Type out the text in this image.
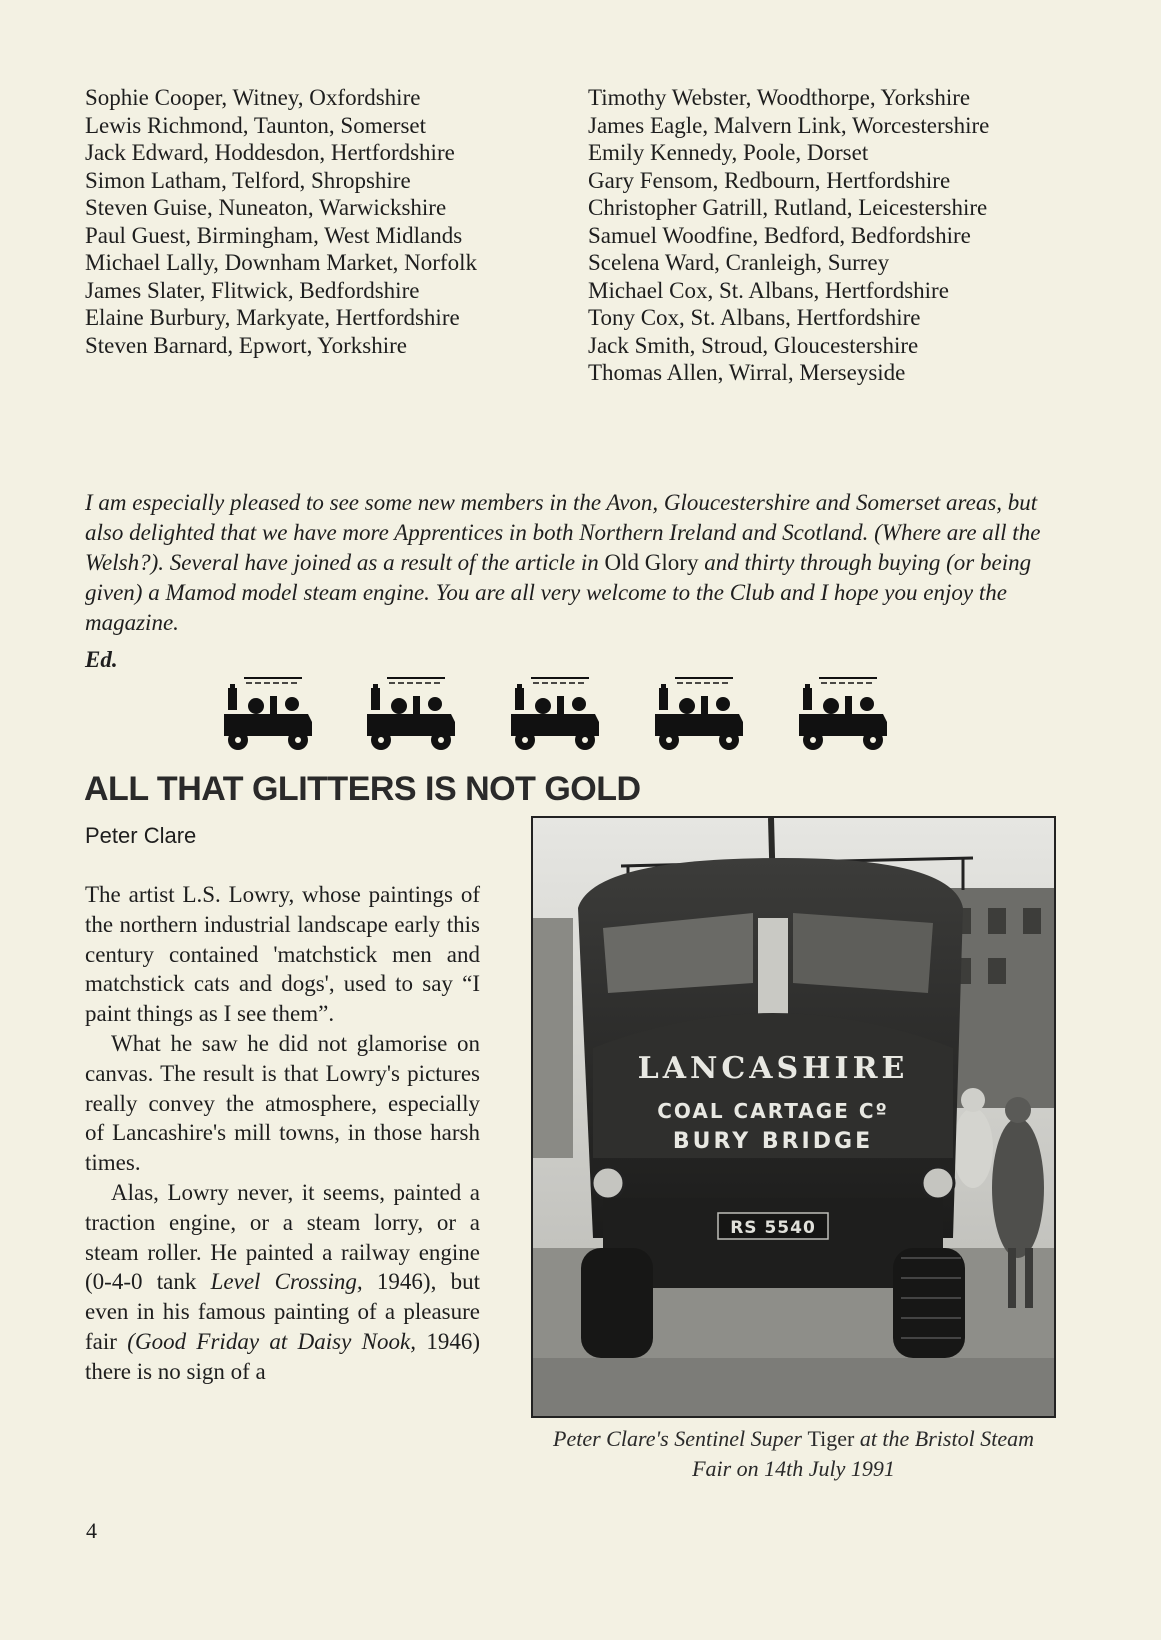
Sophie Cooper, Witney, Oxfordshire
Lewis Richmond, Taunton, Somerset
Jack Edward, Hoddesdon, Hertfordshire
Simon Latham, Telford, Shropshire
Steven Guise, Nuneaton, Warwickshire
Paul Guest, Birmingham, West Midlands
Michael Lally, Downham Market, Norfolk
James Slater, Flitwick, Bedfordshire
Elaine Burbury, Markyate, Hertfordshire
Steven Barnard, Epwort, Yorkshire
Timothy Webster, Woodthorpe, Yorkshire
James Eagle, Malvern Link, Worcestershire
Emily Kennedy, Poole, Dorset
Gary Fensom, Redbourn, Hertfordshire
Christopher Gatrill, Rutland, Leicestershire
Samuel Woodfine, Bedford, Bedfordshire
Scelena Ward, Cranleigh, Surrey
Michael Cox, St. Albans, Hertfordshire
Tony Cox, St. Albans, Hertfordshire
Jack Smith, Stroud, Gloucestershire
Thomas Allen, Wirral, Merseyside

I am especially pleased to see some new members in the Avon, Gloucestershire and Somerset areas, but also delighted that we have more Apprentices in both Northern Ireland and Scotland. (Where are all the Welsh?). Several have joined as a result of the article in Old Glory and thirty through buying (or being given) a Mamod model steam engine. You are all very welcome to the Club and I hope you enjoy the magazine.

Ed.

ALL THAT GLITTERS IS NOT GOLD

Peter Clare

The artist L.S. Lowry, whose paintings of the northern industrial landscape early this century contained 'matchstick men and matchstick cats and dogs', used to say “I paint things as I see them”.

What he saw he did not glamorise on canvas. The result is that Lowry's pictures really convey the atmosphere, especially of Lancashire's mill towns, in those harsh times.

Alas, Lowry never, it seems, painted a traction engine, or a steam lorry, or a steam roller. He painted a railway engine (0-4-0 tank Level Crossing, 1946), but even in his famous painting of a pleasure fair (Good Friday at Daisy Nook, 1946) there is no sign of a

LANCASHIRE
COAL CARTAGE Cº
BURY BRIDGE
RS 5540

Peter Clare's Sentinel Super Tiger at the Bristol Steam Fair on 14th July 1991

4
